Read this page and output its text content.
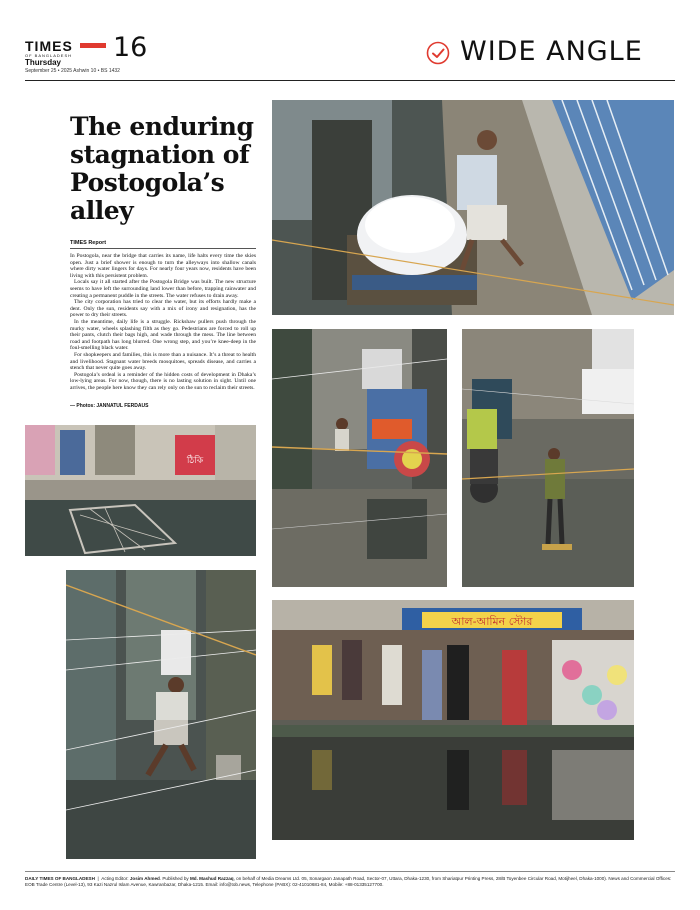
TIMES
OF BANGLADESH 16
Thursday
September 25 • 2025 Ashwin 10 • BS 1432
WIDE ANGLE
The enduring stagnation of Postogola’s alley
TIMES Report

In Postogola, near the bridge that carries its name, life halts every time the skies open. Just a brief shower is enough to turn the alleyways into shallow canals where dirty water lingers for days. For nearly four years now, residents have been living with this persistent problem.

Locals say it all started after the Postogola Bridge was built. The new structure seems to have left the surrounding land lower than before, trapping rainwater and creating a permanent puddle in the streets. The water refuses to drain away.

The city corporation has tried to clear the water, but its efforts hardly make a dent. Only the sun, residents say with a mix of irony and resignation, has the power to dry their streets.

In the meantime, daily life is a struggle. Rickshaw pullers push through the murky water, wheels splashing filth as they go. Pedestrians are forced to roll up their pants, clutch their bags high, and wade through the mess. The line between road and footpath has long blurred. One wrong step, and you’re knee-deep in the foul-smelling black water.

For shopkeepers and families, this is more than a nuisance. It’s a threat to health and livelihood. Stagnant water breeds mosquitoes, spreads disease, and carries a stench that never quite goes away.

Postogola’s ordeal is a reminder of the hidden costs of development in Dhaka’s low-lying areas. For now, though, there is no lasting solution in sight. Until one arrives, the people here know they can rely only on the sun to reclaim their streets.

— Photos: JANNATUL FERDAUS
ঠিকি
আল-আমিন স্টোর
DAILY TIMES OF BANGLADESH  |  Acting Editor: Josim Ahmed. Published by Md. Mashud Razzaq, on behalf of Media Dreams Ltd. 05, Sonargaon Janapath Road, Sector-07, Uttara, Dhaka-1230, from Shariatpur Printing Press, 28/B Toyenbee Circular Road, Motijheel, Dhaka-1000). News and Commercial Offices: EOB Trade Centre (Level-13), 93 Kazi Nazrul Islam Avenue, Kawranbazar, Dhaka-1215. Email: info@tob.news, Telephone (PABX): 02-41010681-84, Mobile: +88-01335127700.
